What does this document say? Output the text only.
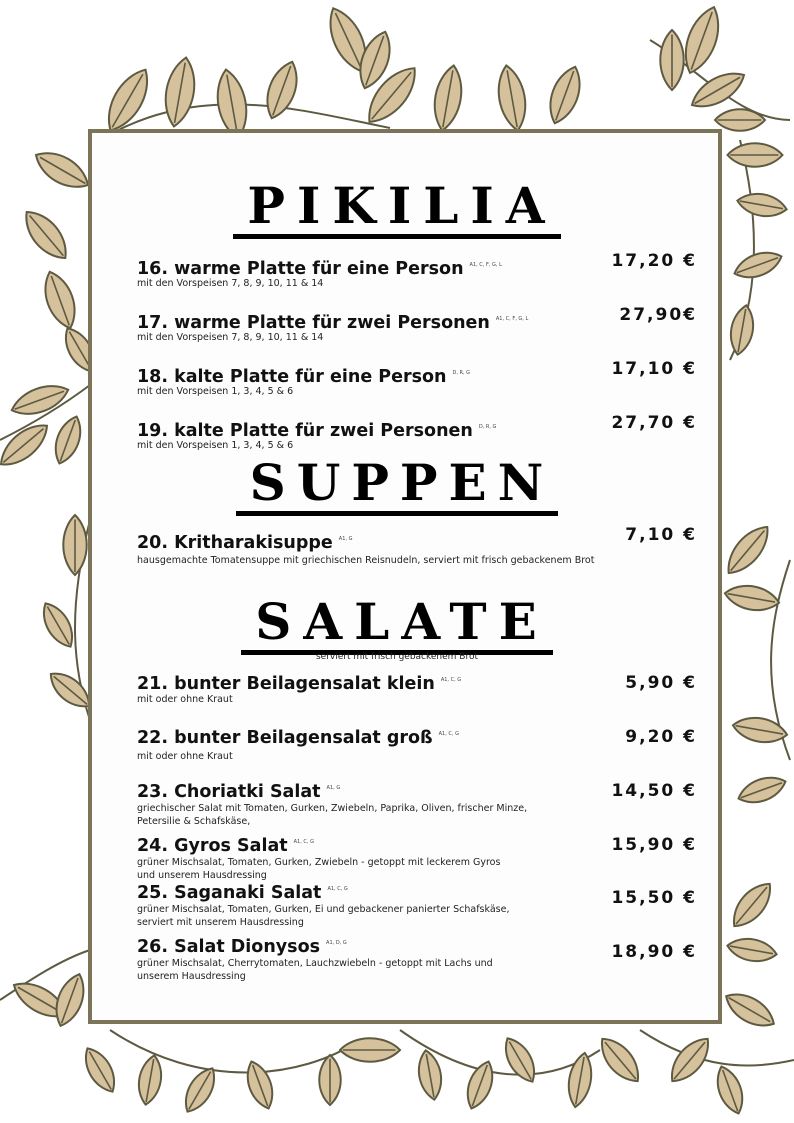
PIKILIA
16. warme Platte für eine Person $^{A1, C, F, G, L}$
mit den Vorspeisen 7, 8, 9, 10, 11 & 14
17,20 €
17. warme Platte für zwei Personen $^{A1, C, F, G, L}$
mit den Vorspeisen 7, 8, 9, 10, 11 & 14
27,90€
18. kalte Platte für eine Person $^{D, R, G}$
mit den Vorspeisen 1, 3, 4, 5 & 6
17,10 €
19. kalte Platte für zwei Personen $^{D, R, G}$
mit den Vorspeisen 1, 3, 4, 5 & 6
27,70 €
SUPPEN
20. Kritharakisuppe $^{A1, G}$
hausgemachte Tomatensuppe mit griechischen Reisnudeln, serviert mit frisch gebackenem Brot
7,10 €
SALATE
serviert mit frisch gebackenem Brot
21. bunter Beilagensalat klein $^{A1, C, G}$
mit oder ohne Kraut
5,90 €
22. bunter Beilagensalat groß $^{A1, C, G}$
mit oder ohne Kraut
9,20 €
23. Choriatki Salat $^{A1, G}$
griechischer Salat mit Tomaten, Gurken, Zwiebeln, Paprika, Oliven, frischer Minze, Petersilie & Schafskäse,
14,50 €
24. Gyros Salat $^{A1, C, G}$
grüner Mischsalat, Tomaten, Gurken, Zwiebeln - getoppt mit leckerem Gyros und unserem Hausdressing
15,90 €
25. Saganaki Salat $^{A1, C, G}$
grüner Mischsalat, Tomaten, Gurken, Ei und gebackener panierter Schafskäse, serviert mit unserem Hausdressing
15,50 €
26. Salat Dionysos $^{A1, D, G}$
grüner Mischsalat, Cherrytomaten, Lauchzwiebeln - getoppt mit Lachs und unserem Hausdressing
18,90 €
